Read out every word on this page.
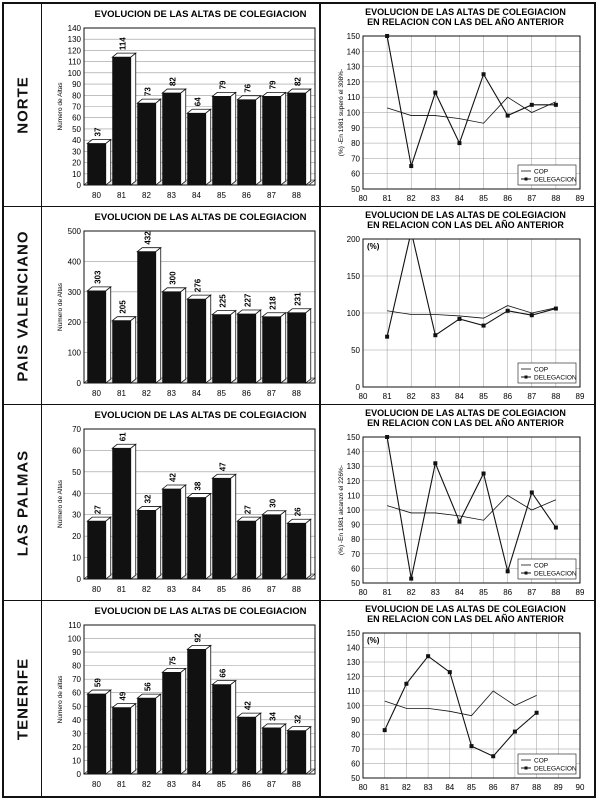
NORTE
EVOLUCION DE LAS ALTAS DE COLEGIACION
0
10
20
30
40
50
60
70
80
90
100
110
120
130
140
Número de Altas
37
80
114
81
73
82
82
83
64
84
79
85
76
86
79
87
82
88
EVOLUCION DE LAS ALTAS DE COLEGIACION
EN RELACION CON LAS DEL AÑO ANTERIOR
50
60
70
80
90
100
110
120
130
140
150
80 81 82 83 84 85 86 87 88 89
(%) -En 1981 superó el 308%-
COP
DELEGACION
PAIS VALENCIANO
EVOLUCION DE LAS ALTAS DE COLEGIACION
0
100
200
300
400
500
Número de Altas
303
80
205
81
432
82
300
83
276
84
225
85
227
86
218
87
231
88
EVOLUCION DE LAS ALTAS DE COLEGIACION
EN RELACION CON LAS DEL AÑO ANTERIOR
0
50
100
150
200
80 81 82 83 84 85 86 87 88 89
(%)
COP
DELEGACION
LAS PALMAS
EVOLUCION DE LAS ALTAS DE COLEGIACION
0
10
20
30
40
50
60
70
Número de Altas	27
80
61
81
32
82
42
83
38
84
47
85
27
86
30
87
26
88
EVOLUCION DE LAS ALTAS DE COLEGIACION
EN RELACION CON LAS DEL AÑO ANTERIOR
50
60
70
80
90
100
110
120
130
140
150
80 81 82 83 84 85 86 87 88 89
(%) -En 1981 alcanzó el 226%-
COP
DELEGACION
TENERIFE
EVOLUCION DE LAS ALTAS DE COLEGIACION
0
10
20
30
40
50
60
70
80
90
100
110
Número de altas	59
80
49
81
56
82
75
83
92
84
66
85
42
86
34
87
32
88
EVOLUCION DE LAS ALTAS DE COLEGIACION
EN RELACION CON LAS DEL AÑO ANTERIOR
50
60
70
80
90
100
110
120
130
140
150
80 81 82 83 84 85 86 87 88 89 90
(%)
COP
DELEGACION
